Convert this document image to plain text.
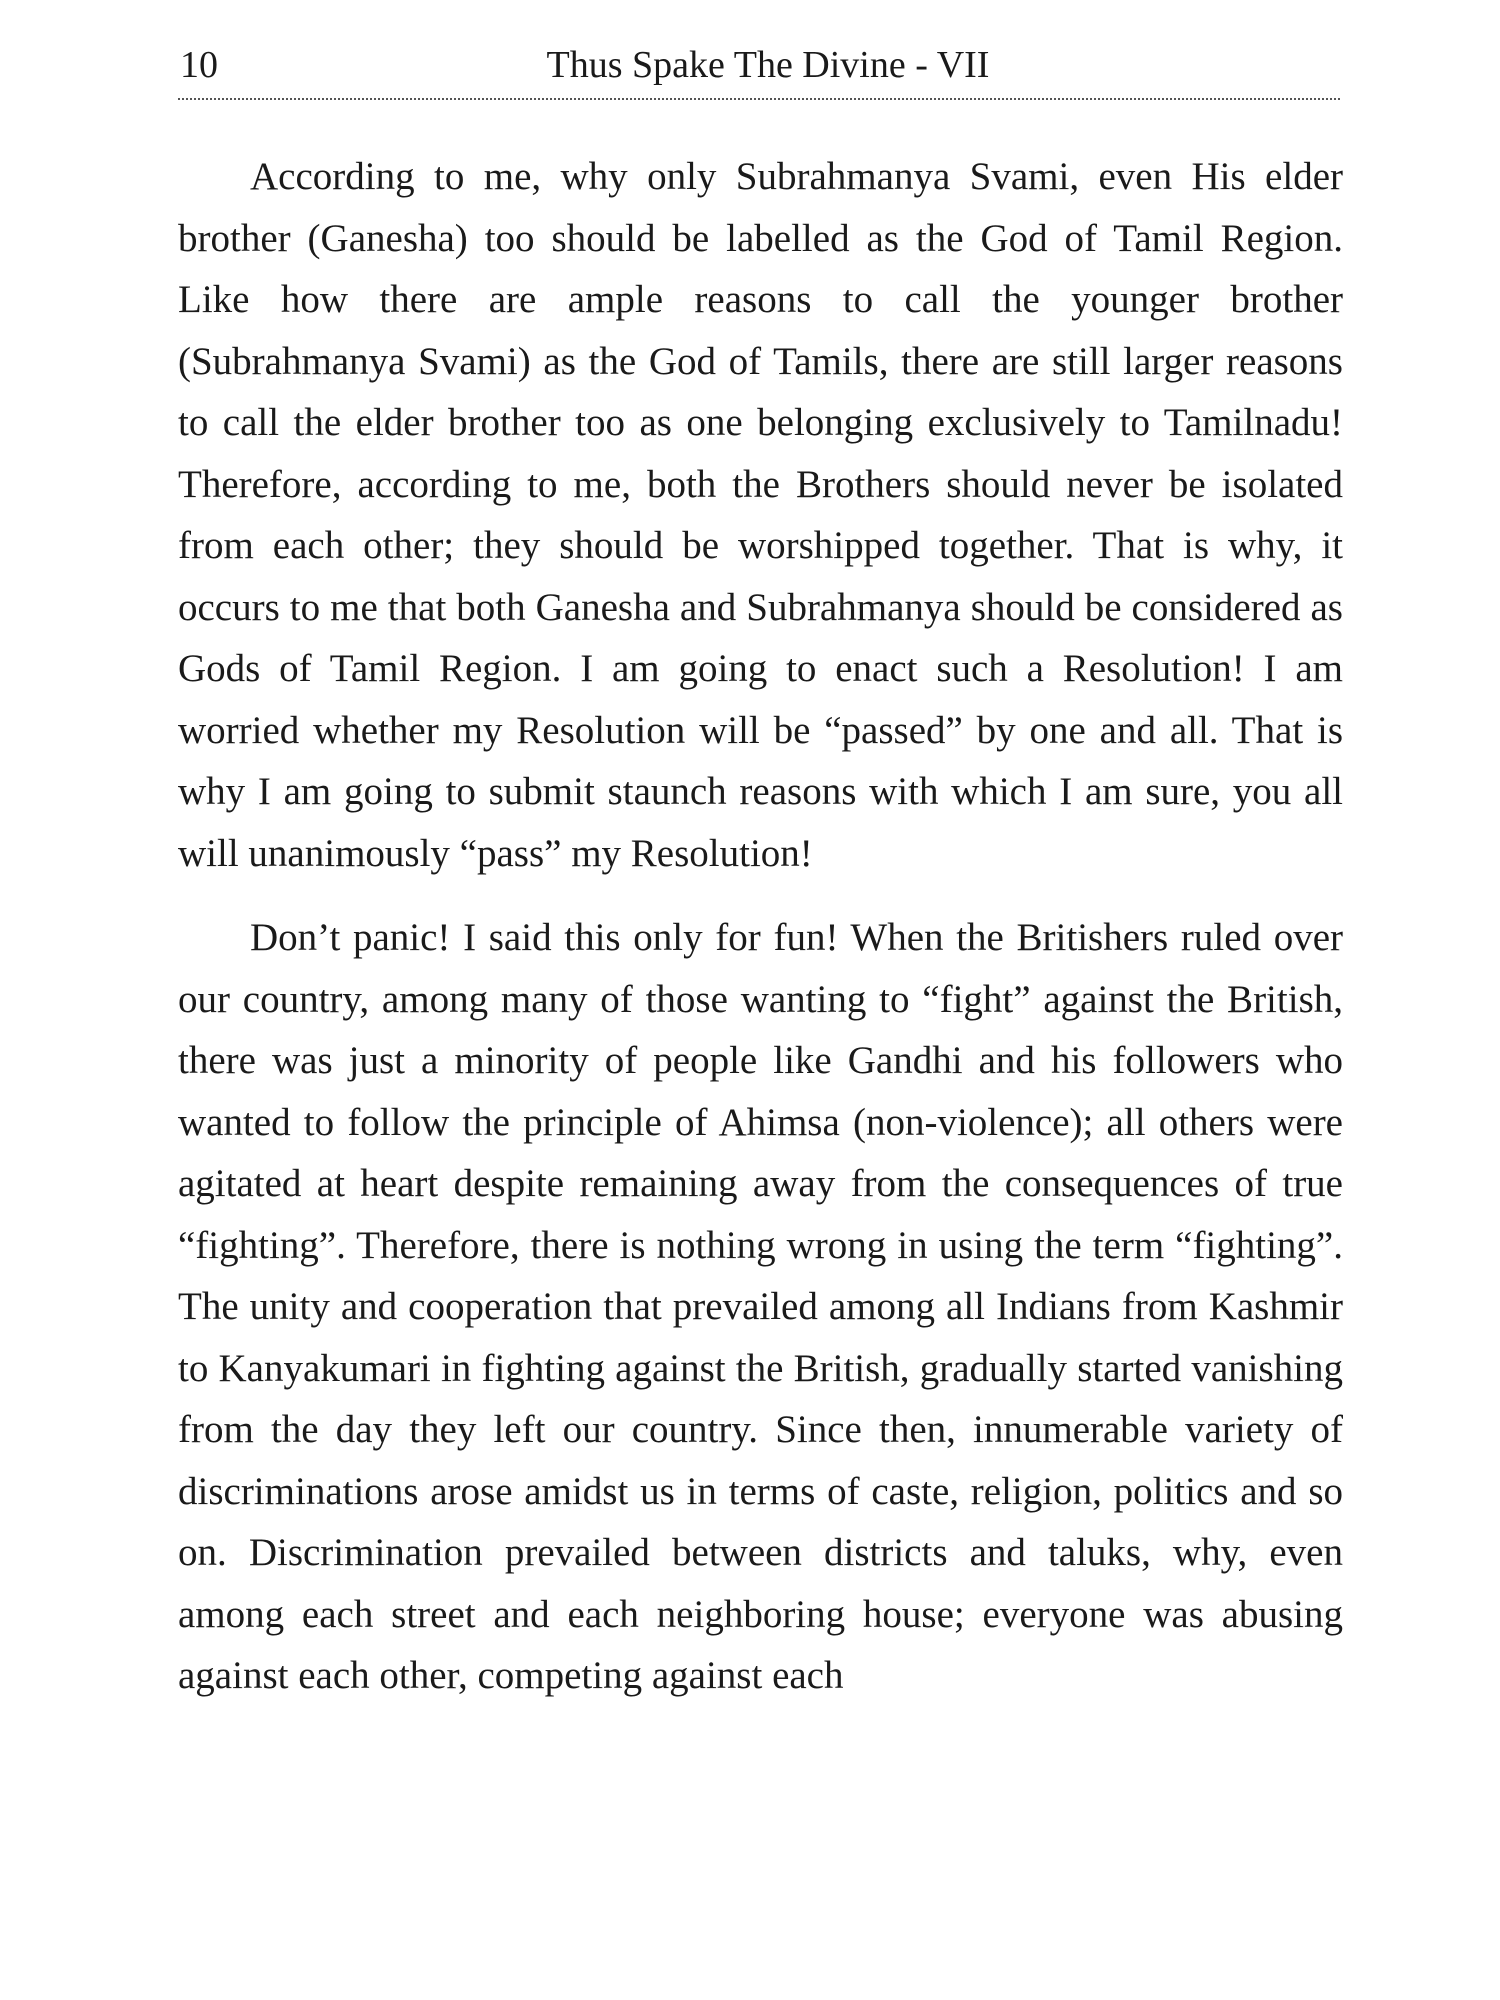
10	Thus Spake The Divine - VII

According to me, why only Subrahmanya Svami, even His elder brother (Ganesha) too should be labelled as the God of Tamil Region. Like how there are ample reasons to call the younger brother (Subrahmanya Svami) as the God of Tamils, there are still larger reasons to call the elder brother too as one belonging exclusively to Tamilnadu! Therefore, according to me, both the Brothers should never be isolated from each other; they should be worshipped together. That is why, it occurs to me that both Ganesha and Subrahmanya should be considered as Gods of Tamil Region. I am going to enact such a Resolution! I am worried whether my Resolution will be “passed” by one and all. That is why I am going to submit staunch reasons with which I am sure, you all will unanimously “pass” my Resolution!

Don’t panic! I said this only for fun! When the Britishers ruled over our country, among many of those wanting to “fight” against the British, there was just a minority of people like Gandhi and his followers who wanted to follow the principle of Ahimsa (non-violence); all others were agitated at heart despite remaining away from the consequences of true “fighting”. Therefore, there is nothing wrong in using the term “fighting”. The unity and cooperation that prevailed among all Indians from Kashmir to Kanyakumari in fighting against the British, gradually started vanishing from the day they left our country. Since then, innumerable variety of discriminations arose amidst us in terms of caste, religion, politics and so on. Discrimination prevailed between districts and taluks, why, even among each street and each neighboring house; everyone was abusing against each other, competing against each
